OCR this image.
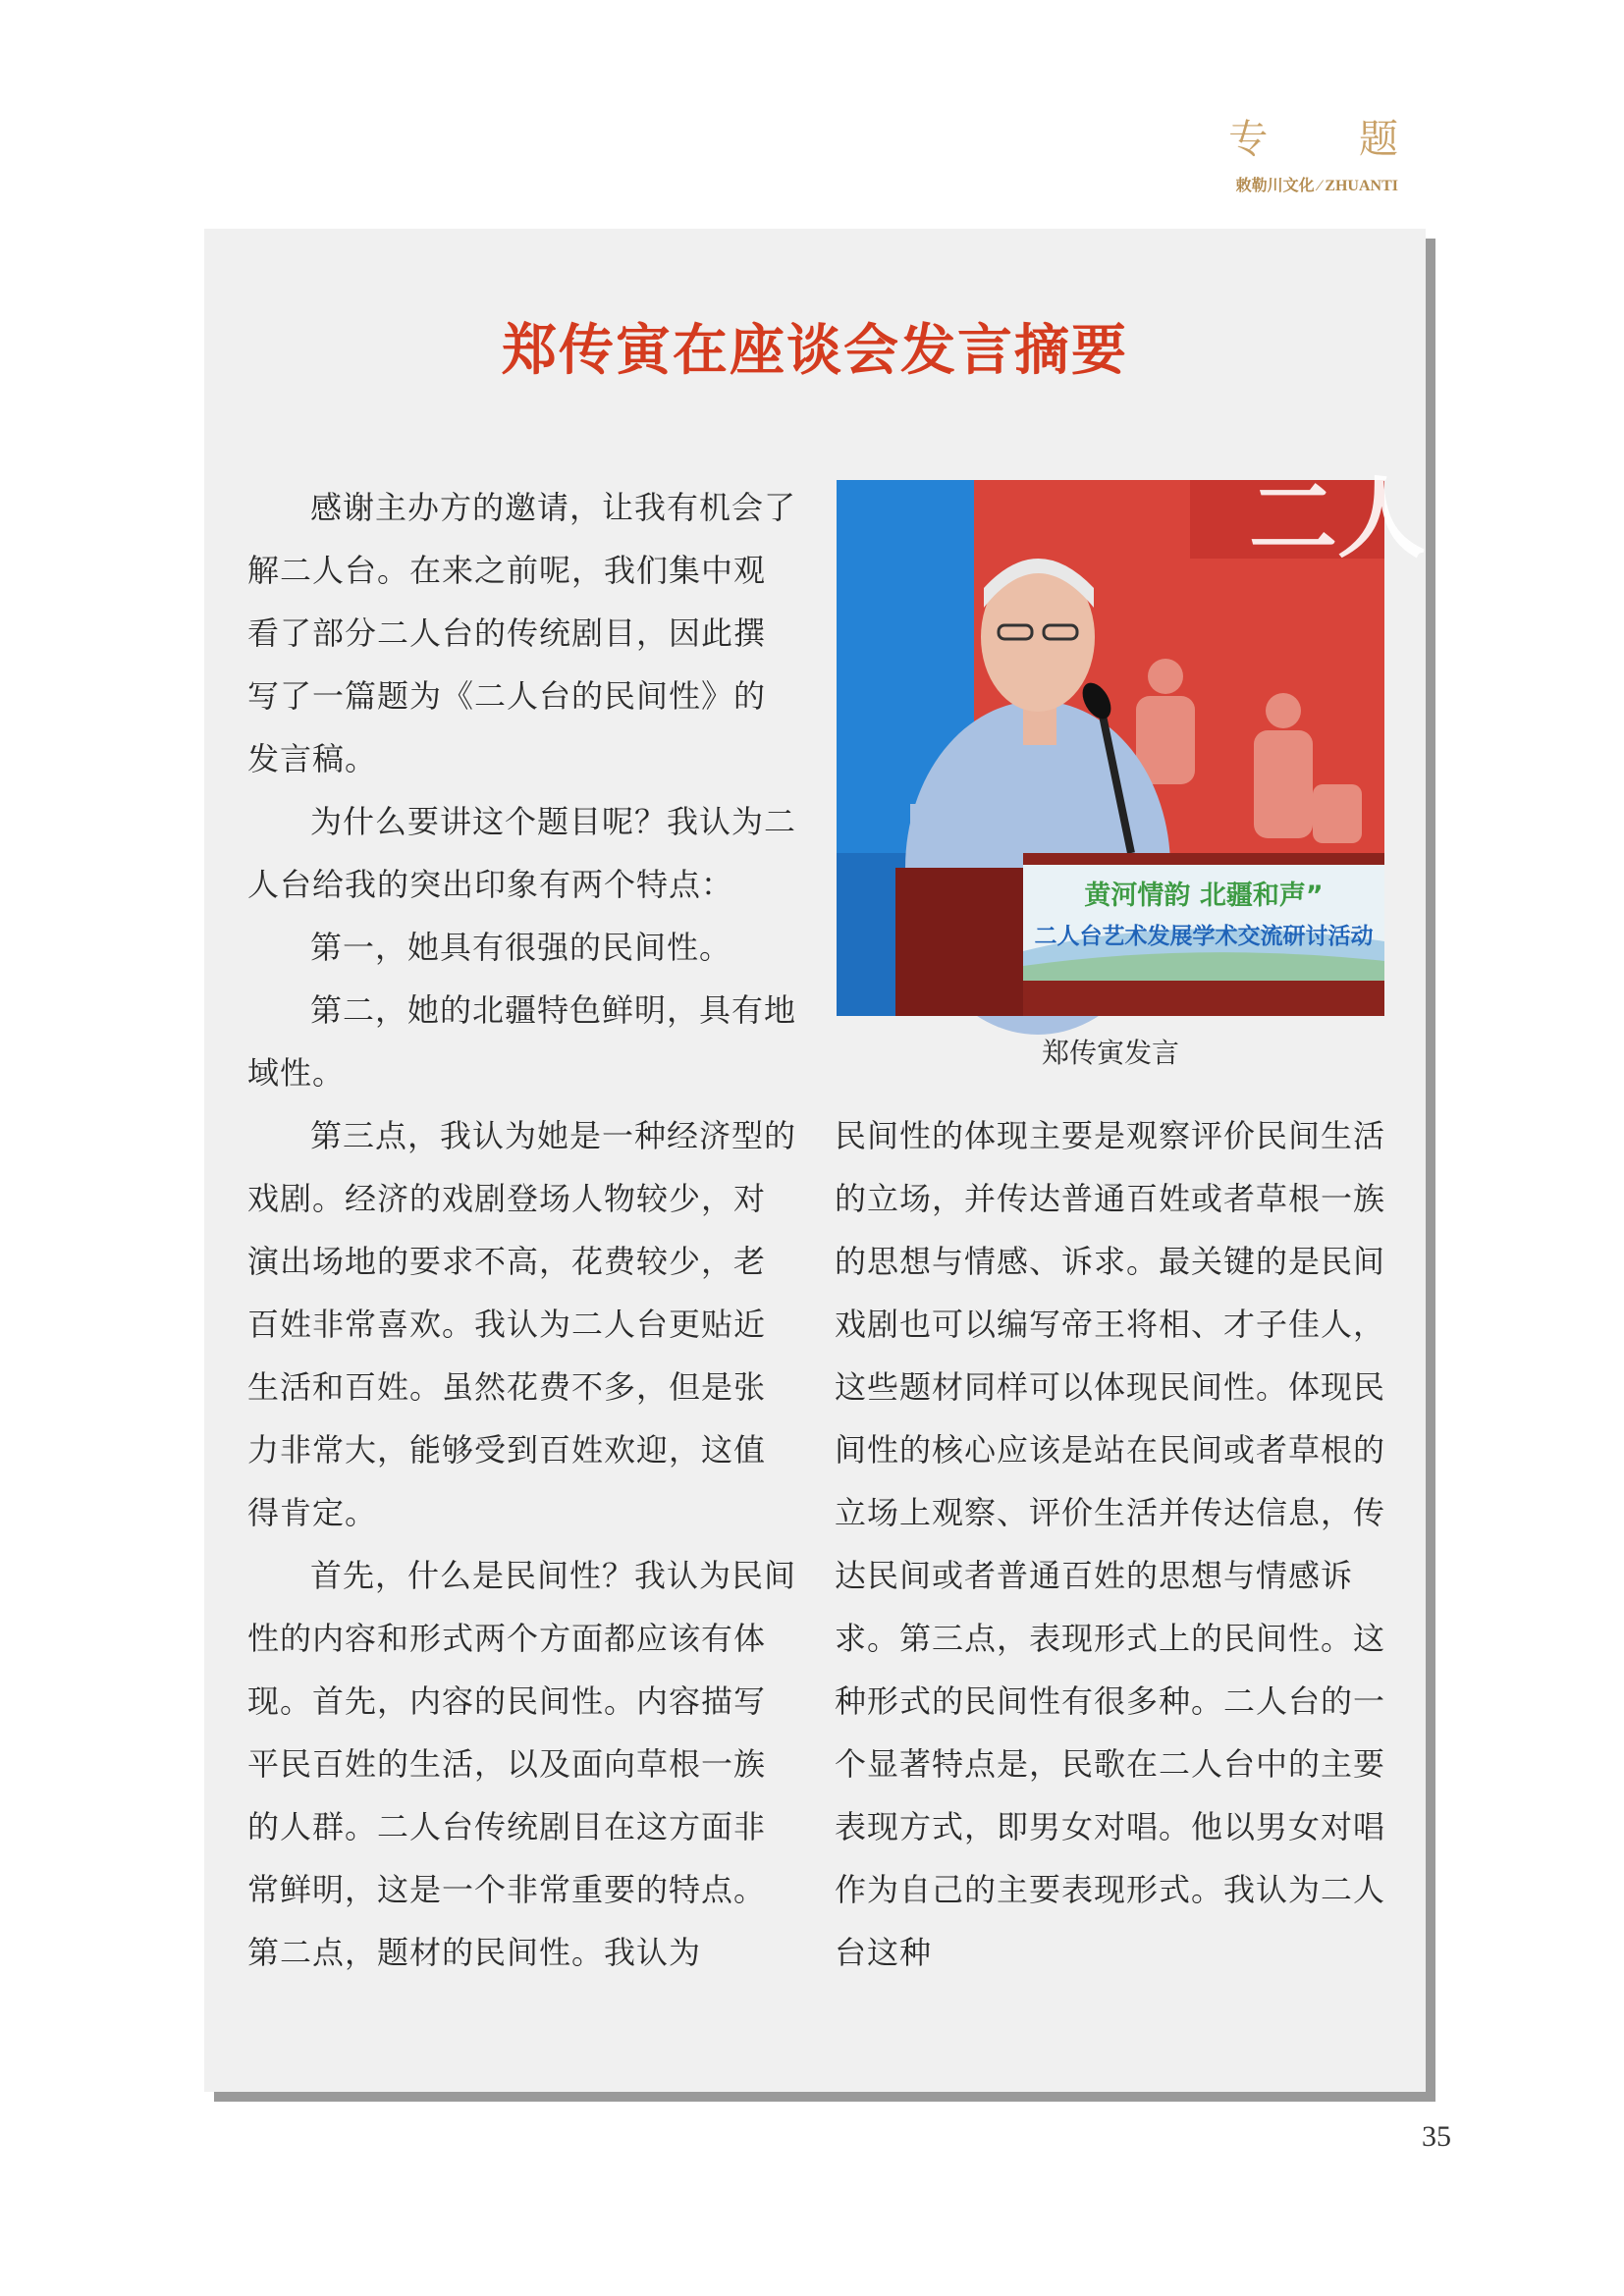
专 题
敕勒川文化 ∕ ZHUANTI
郑传寅在座谈会发言摘要

感谢主办方的邀请，让我有机会了解二人台。在来之前呢，我们集中观看了部分二人台的传统剧目，因此撰写了一篇题为《二人台的民间性》的发言稿。

为什么要讲这个题目呢？我认为二人台给我的突出印象有两个特点：

第一，她具有很强的民间性。

第二，她的北疆特色鲜明，具有地域性。

第三点，我认为她是一种经济型的戏剧。经济的戏剧登场人物较少，对演出场地的要求不高，花费较少，老百姓非常喜欢。我认为二人台更贴近生活和百姓。虽然花费不多，但是张力非常大，能够受到百姓欢迎，这值得肯定。

首先，什么是民间性？我认为民间性的内容和形式两个方面都应该有体现。首先，内容的民间性。内容描写平民百姓的生活，以及面向草根一族的人群。二人台传统剧目在这方面非常鲜明，这是一个非常重要的特点。第二点，题材的民间性。我认为

二人
黄河情韵 北疆和声”
二人台艺术发展学术交流研讨活动
郑传寅发言

民间性的体现主要是观察评价民间生活的立场，并传达普通百姓或者草根一族的思想与情感、诉求。最关键的是民间戏剧也可以编写帝王将相、才子佳人，这些题材同样可以体现民间性。体现民间性的核心应该是站在民间或者草根的立场上观察、评价生活并传达信息，传达民间或者普通百姓的思想与情感诉求。第三点，表现形式上的民间性。这种形式的民间性有很多种。二人台的一个显著特点是，民歌在二人台中的主要表现方式，即男女对唱。他以男女对唱作为自己的主要表现形式。我认为二人台这种

35
